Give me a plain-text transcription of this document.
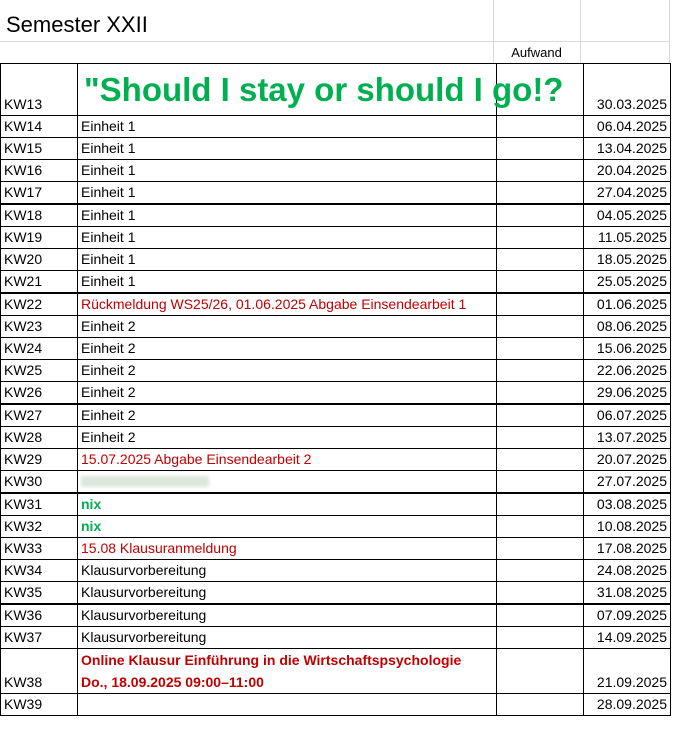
Semester XXII
Aufwand
KW13	"Should I stay or should I go!?		30.03.2025
KW14	Einheit 1		06.04.2025
KW15	Einheit 1		13.04.2025
KW16	Einheit 1		20.04.2025
KW17	Einheit 1		27.04.2025
KW18	Einheit 1		04.05.2025
KW19	Einheit 1		11.05.2025
KW20	Einheit 1		18.05.2025
KW21	Einheit 1		25.05.2025
KW22	Rückmeldung WS25/26, 01.06.2025 Abgabe Einsendearbeit 1		01.06.2025
KW23	Einheit 2		08.06.2025
KW24	Einheit 2		15.06.2025
KW25	Einheit 2		22.06.2025
KW26	Einheit 2		29.06.2025
KW27	Einheit 2		06.07.2025
KW28	Einheit 2		13.07.2025
KW29	15.07.2025 Abgabe Einsendearbeit 2		20.07.2025
KW30			27.07.2025
KW31	nix		03.08.2025
KW32	nix		10.08.2025
KW33	15.08 Klausuranmeldung		17.08.2025
KW34	Klausurvorbereitung		24.08.2025
KW35	Klausurvorbereitung		31.08.2025
KW36	Klausurvorbereitung		07.09.2025
KW37	Klausurvorbereitung		14.09.2025
KW38	Online Klausur Einführung in die Wirtschaftspsychologie
Do., 18.09.2025 09:00–11:00		21.09.2025
KW39			28.09.2025
